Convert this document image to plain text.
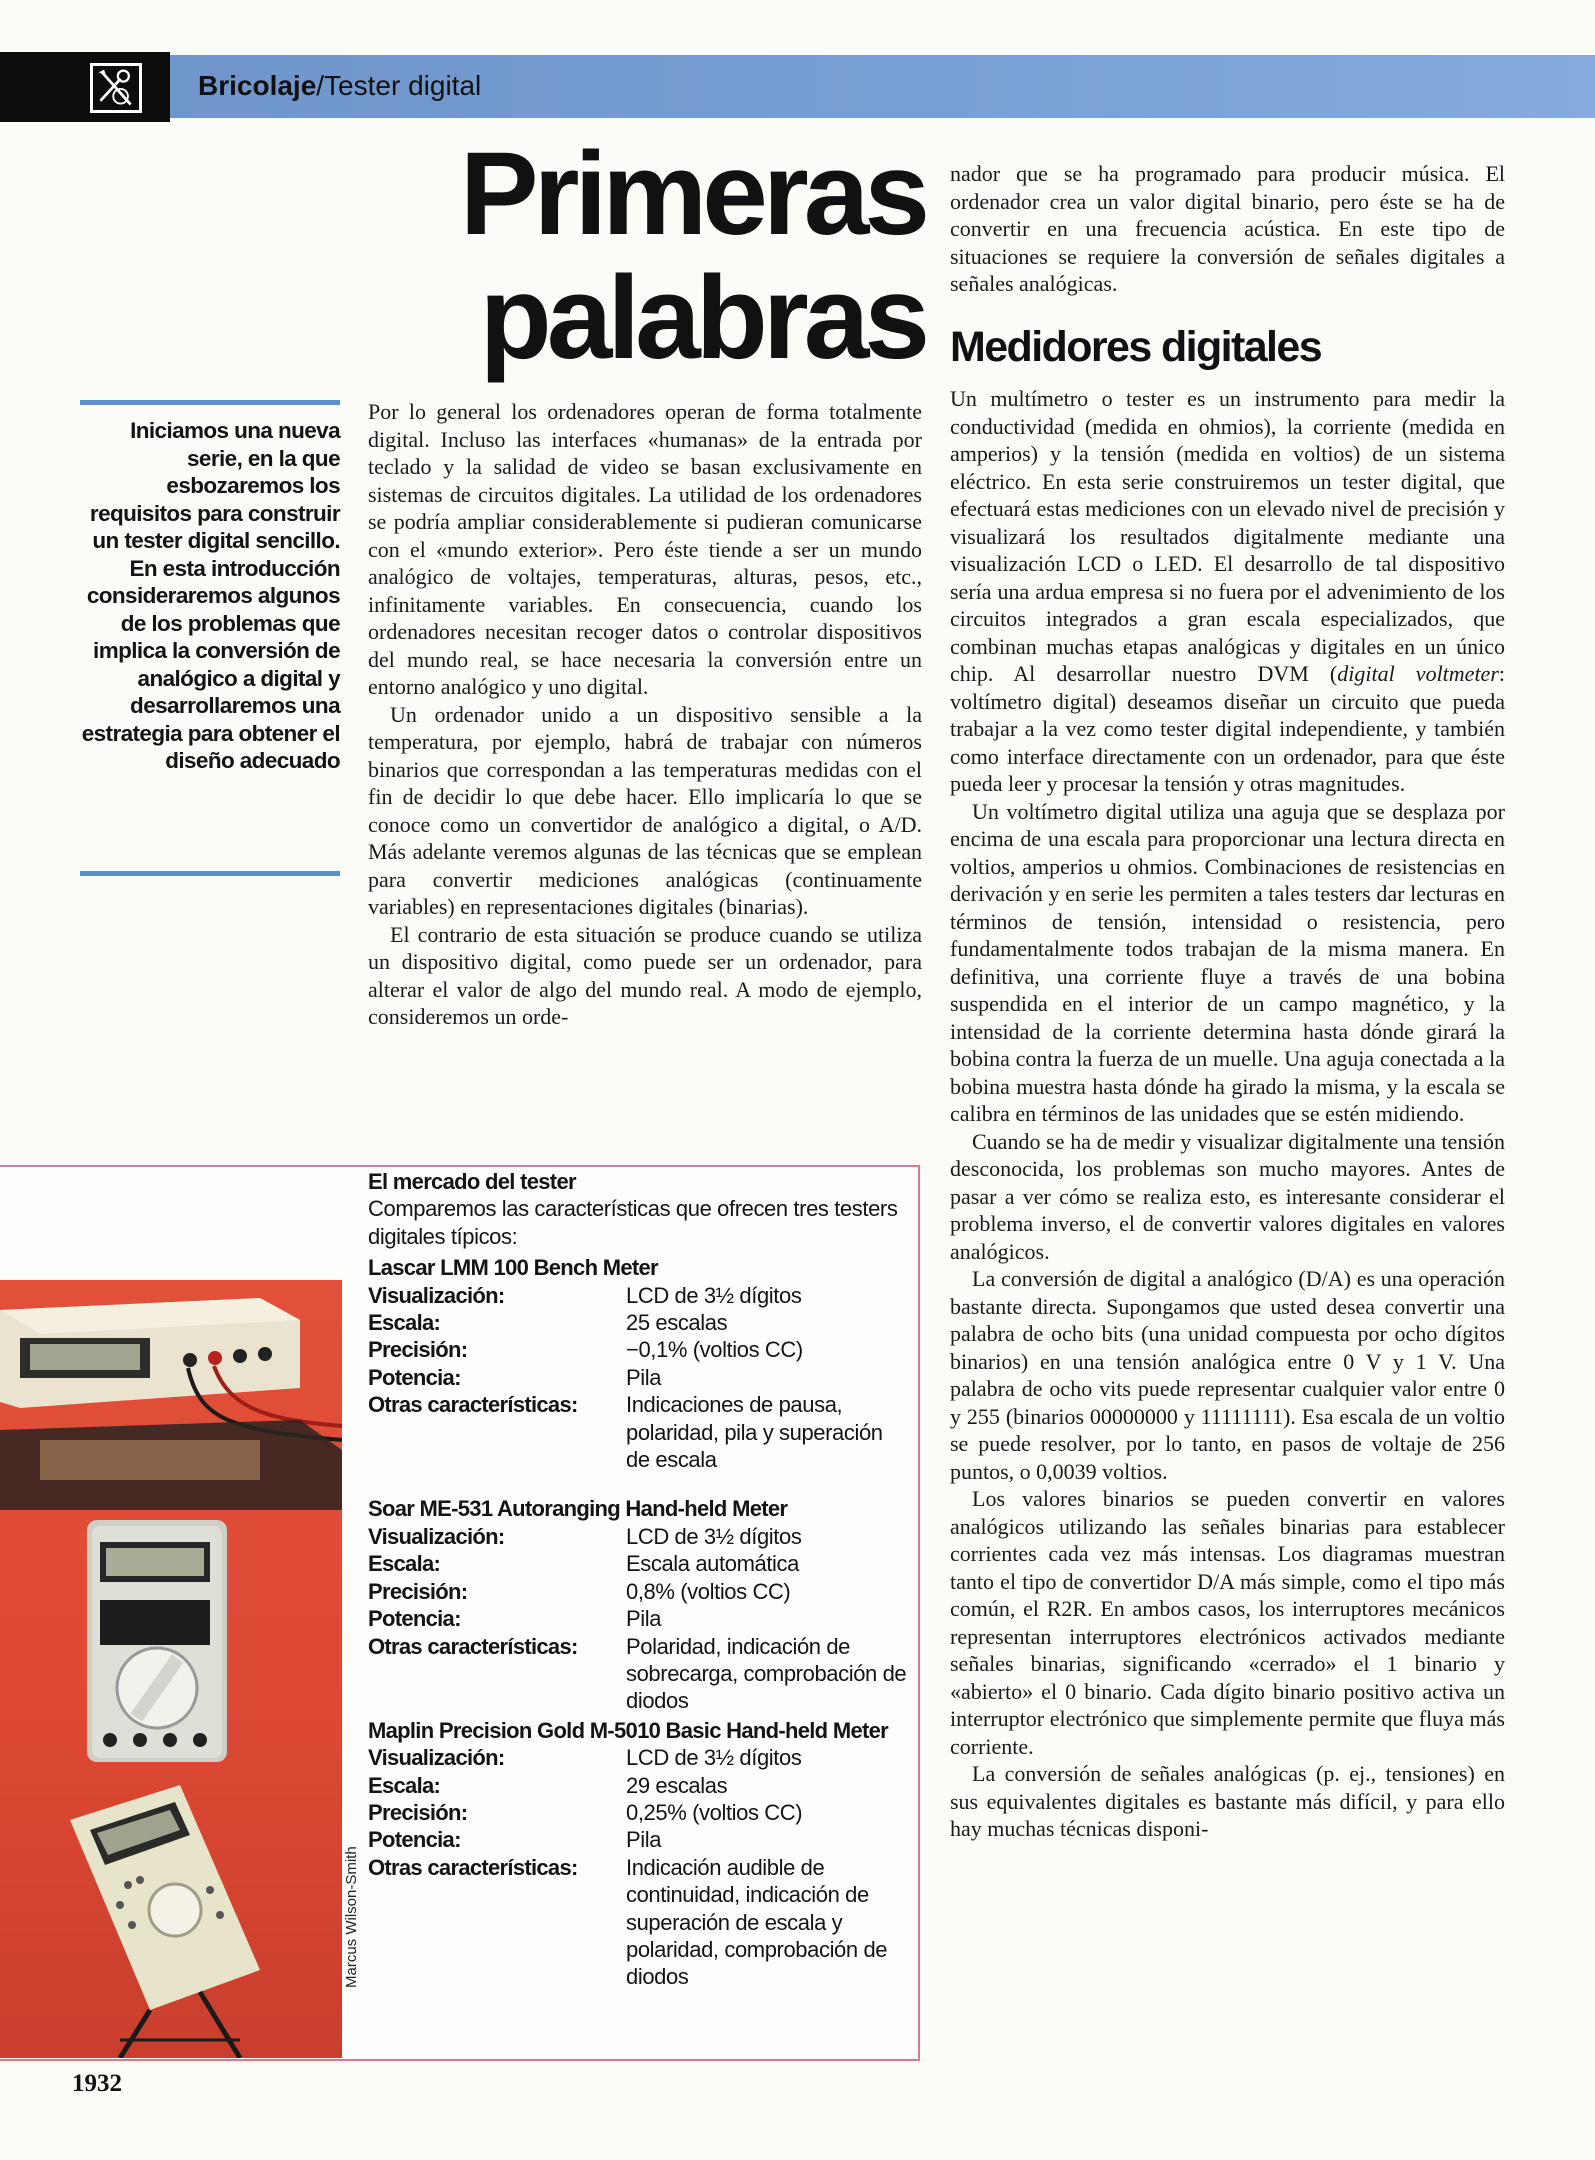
Bricolaje/Tester digital
Primeras
palabras
Iniciamos una nueva serie, en la que esbozaremos los requisitos para construir un tester digital sencillo. En esta introducción consideraremos algunos de los problemas que implica la conversión de analógico a digital y desarrollaremos una estrategia para obtener el diseño adecuado

Por lo general los ordenadores operan de forma totalmente digital. Incluso las interfaces «humanas» de la entrada por teclado y la salidad de video se basan exclusivamente en sistemas de circuitos digitales. La utilidad de los ordenadores se podría ampliar considerablemente si pudieran comunicarse con el «mundo exterior». Pero éste tiende a ser un mundo analógico de voltajes, temperaturas, alturas, pesos, etc., infinitamente variables. En consecuencia, cuando los ordenadores necesitan recoger datos o controlar dispositivos del mundo real, se hace necesaria la conversión entre un entorno analógico y uno digital.

Un ordenador unido a un dispositivo sensible a la temperatura, por ejemplo, habrá de trabajar con números binarios que correspondan a las temperaturas medidas con el fin de decidir lo que debe hacer. Ello implicaría lo que se conoce como un convertidor de analógico a digital, o A/D. Más adelante veremos algunas de las técnicas que se emplean para convertir mediciones analógicas (continuamente variables) en representaciones digitales (binarias).

El contrario de esta situación se produce cuando se utiliza un dispositivo digital, como puede ser un ordenador, para alterar el valor de algo del mundo real. A modo de ejemplo, consideremos un orde-

nador que se ha programado para producir música. El ordenador crea un valor digital binario, pero éste se ha de convertir en una frecuencia acústica. En este tipo de situaciones se requiere la conversión de señales digitales a señales analógicas.

Medidores digitales

Un multímetro o tester es un instrumento para medir la conductividad (medida en ohmios), la corriente (medida en amperios) y la tensión (medida en voltios) de un sistema eléctrico. En esta serie construiremos un tester digital, que efectuará estas mediciones con un elevado nivel de precisión y visualizará los resultados digitalmente mediante una visualización LCD o LED. El desarrollo de tal dispositivo sería una ardua empresa si no fuera por el advenimiento de los circuitos integrados a gran escala especializados, que combinan muchas etapas analógicas y digitales en un único chip. Al desarrollar nuestro DVM (digital voltmeter: voltímetro digital) deseamos diseñar un circuito que pueda trabajar a la vez como tester digital independiente, y también como interface directamente con un ordenador, para que éste pueda leer y procesar la tensión y otras magnitudes.

Un voltímetro digital utiliza una aguja que se desplaza por encima de una escala para proporcionar una lectura directa en voltios, amperios u ohmios. Combinaciones de resistencias en derivación y en serie les permiten a tales testers dar lecturas en términos de tensión, intensidad o resistencia, pero fundamentalmente todos trabajan de la misma manera. En definitiva, una corriente fluye a través de una bobina suspendida en el interior de un campo magnético, y la intensidad de la corriente determina hasta dónde girará la bobina contra la fuerza de un muelle. Una aguja conectada a la bobina muestra hasta dónde ha girado la misma, y la escala se calibra en términos de las unidades que se estén midiendo.

Cuando se ha de medir y visualizar digitalmente una tensión desconocida, los problemas son mucho mayores. Antes de pasar a ver cómo se realiza esto, es interesante considerar el problema inverso, el de convertir valores digitales en valores analógicos.

La conversión de digital a analógico (D/A) es una operación bastante directa. Supongamos que usted desea convertir una palabra de ocho bits (una unidad compuesta por ocho dígitos binarios) en una tensión analógica entre 0 V y 1 V. Una palabra de ocho vits puede representar cualquier valor entre 0 y 255 (binarios 00000000 y 11111111). Esa escala de un voltio se puede resolver, por lo tanto, en pasos de voltaje de 256 puntos, o 0,0039 voltios.

Los valores binarios se pueden convertir en valores analógicos utilizando las señales binarias para establecer corrientes cada vez más intensas. Los diagramas muestran tanto el tipo de convertidor D/A más simple, como el tipo más común, el R2R. En ambos casos, los interruptores mecánicos representan interruptores electrónicos activados mediante señales binarias, significando «cerrado» el 1 binario y «abierto» el 0 binario. Cada dígito binario positivo activa un interruptor electrónico que simplemente permite que fluya más corriente.

La conversión de señales analógicas (p. ej., tensiones) en sus equivalentes digitales es bastante más difícil, y para ello hay muchas técnicas disponi-

Marcus Wilson-Smith
El mercado del tester
Comparemos las características que ofrecen tres testers digitales típicos:
Lascar LMM 100 Bench Meter
Visualización:	LCD de 3½ dígitos
Escala:	25 escalas
Precisión:	−0,1% (voltios CC)
Potencia:	Pila
Otras características:	Indicaciones de pausa, polaridad, pila y superación de escala
Soar ME-531 Autoranging Hand-held Meter
Visualización:	LCD de 3½ dígitos
Escala:	Escala automática
Precisión:	0,8% (voltios CC)
Potencia:	Pila
Otras características:	Polaridad, indicación de sobrecarga, comprobación de diodos
Maplin Precision Gold M-5010 Basic Hand-held Meter
Visualización:	LCD de 3½ dígitos
Escala:	29 escalas
Precisión:	0,25% (voltios CC)
Potencia:	Pila
Otras características:	Indicación audible de continuidad, indicación de superación de escala y polaridad, comprobación de diodos
1932
